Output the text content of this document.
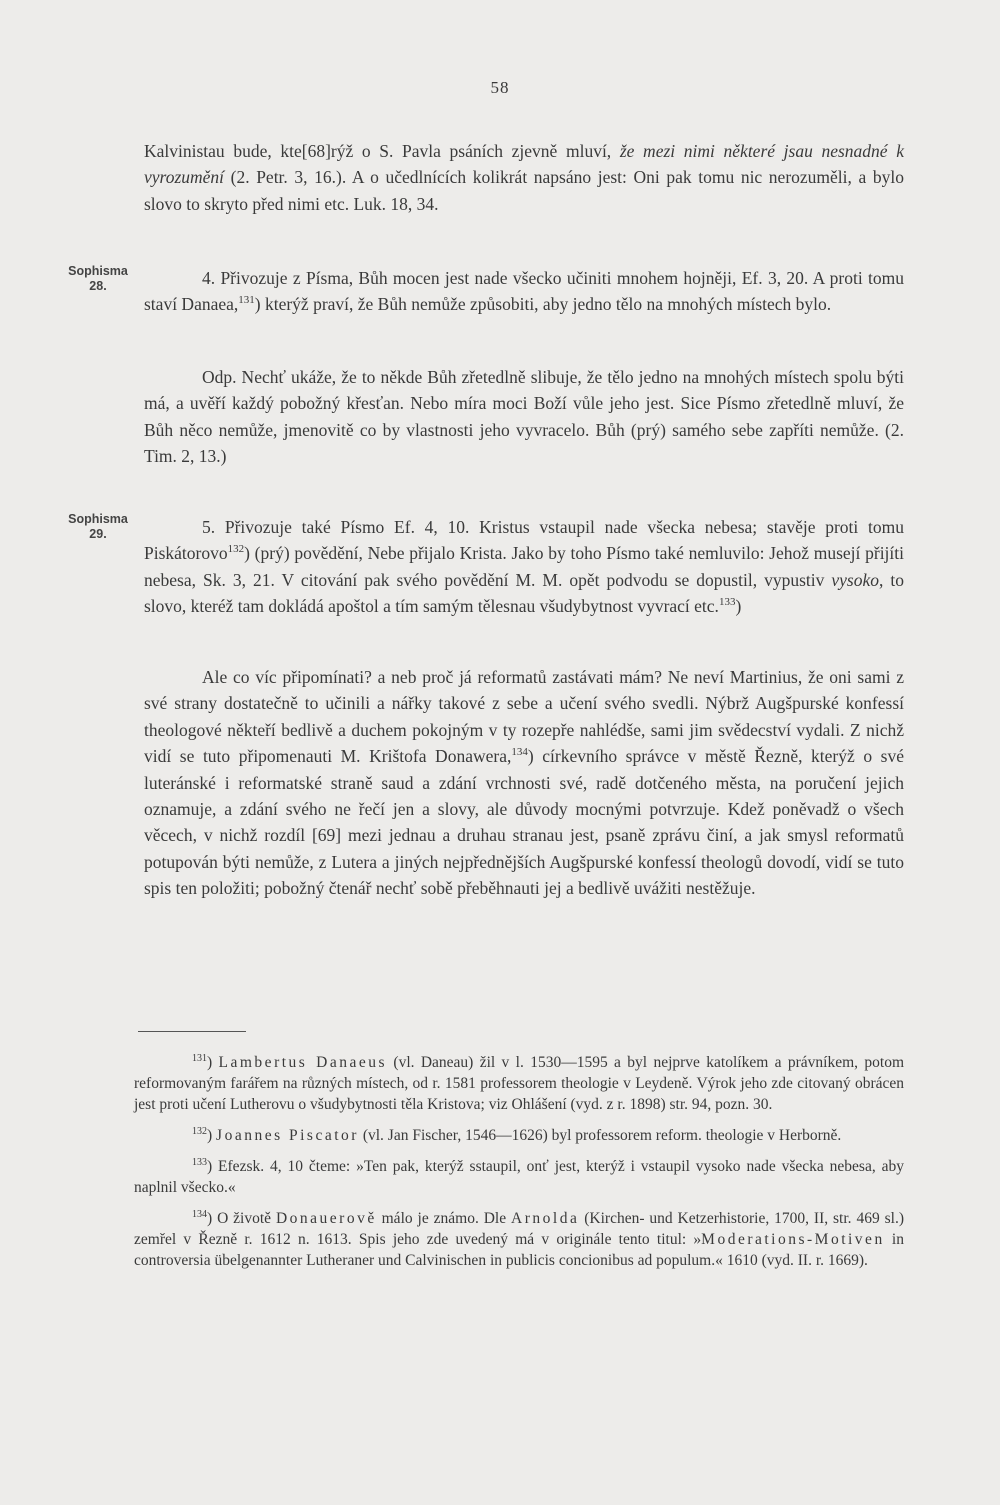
58
Sophisma
28.
Sophisma
29.

Kalvinistau bude, kte[68]rýž o S. Pavla psáních zjevně mluví, že mezi nimi některé jsau nesnadné k vyrozumění (2. Petr. 3, 16.). A o učedlnících kolikrát napsáno jest: Oni pak tomu nic nerozuměli, a bylo slovo to skryto před nimi etc. Luk. 18, 34.

4. Přivozuje z Písma, Bůh mocen jest nade všecko učiniti mnohem hojněji, Ef. 3, 20. A proti tomu staví Danaea,$^{131}$) kterýž praví, že Bůh nemůže způsobiti, aby jedno tělo na mnohých místech bylo.

Odp. Nechť ukáže, že to někde Bůh zřetedlně slibuje, že tělo jedno na mnohých místech spolu býti má, a uvěří každý pobožný křesťan. Nebo míra moci Boží vůle jeho jest. Sice Písmo zřetedlně mluví, že Bůh něco nemůže, jmenovitě co by vlastnosti jeho vyvracelo. Bůh (prý) samého sebe zapříti nemůže. (2. Tim. 2, 13.)

5. Přivozuje také Písmo Ef. 4, 10. Kristus vstaupil nade všecka nebesa; stavěje proti tomu Piskátorovo$^{132}$) (prý) povědění, Nebe přijalo Krista. Jako by toho Písmo také nemluvilo: Jehož musejí přijíti nebesa, Sk. 3, 21. V citování pak svého povědění M. M. opět podvodu se dopustil, vypustiv vysoko, to slovo, kteréž tam dokládá apoštol a tím samým tělesnau všudybytnost vyvrací etc.$^{133}$)

Ale co víc připomínati? a neb proč já reformatů zastávati mám? Ne neví Martinius, že oni sami z své strany dostatečně to učinili a nářky takové z sebe a učení svého svedli. Nýbrž Augšpurské konfessí theologové někteří bedlivě a duchem pokojným v ty rozepře nahlédše, sami jim svědecství vydali. Z nichž vidí se tuto připomenauti M. Krištofa Donawera,$^{134}$) církevního správce v městě Řezně, kterýž o své luteránské i reformatské straně saud a zdání vrchnosti své, radě dotčeného města, na poručení jejich oznamuje, a zdání svého ne řečí jen a slovy, ale důvody mocnými potvrzuje. Kdež poněvadž o všech věcech, v nichž rozdíl [69] mezi jednau a druhau stranau jest, psaně zprávu činí, a jak smysl reformatů potupován býti nemůže, z Lutera a jiných nejpřednějších Augšpurské konfessí theologů dovodí, vidí se tuto spis ten položiti; pobožný čtenář nechť sobě přeběhnauti jej a bedlivě uvážiti nestěžuje.

$^{131}$) Lambertus Danaeus (vl. Daneau) žil v l. 1530—1595 a byl nejprve katolíkem a právníkem, potom reformovaným farářem na různých místech, od r. 1581 professorem theologie v Leydeně. Výrok jeho zde citovaný obrácen jest proti učení Lutherovu o všudybytnosti těla Kristova; viz Ohlášení (vyd. z r. 1898) str. 94, pozn. 30.

$^{132}$) Joannes Piscator (vl. Jan Fischer, 1546—1626) byl professorem reform. theologie v Herborně.

$^{133}$) Efezsk. 4, 10 čteme: »Ten pak, kterýž sstaupil, onť jest, kterýž i vstaupil vysoko nade všecka nebesa, aby naplnil všecko.«

$^{134}$) O životě Donauerově málo je známo. Dle Arnolda (Kirchen- und Ketzerhistorie, 1700, II, str. 469 sl.) zemřel v Řezně r. 1612 n. 1613. Spis jeho zde uvedený má v originále tento titul: »Moderations-Motiven in controversia übelgenannter Lutheraner und Calvinischen in publicis concionibus ad populum.« 1610 (vyd. II. r. 1669).
